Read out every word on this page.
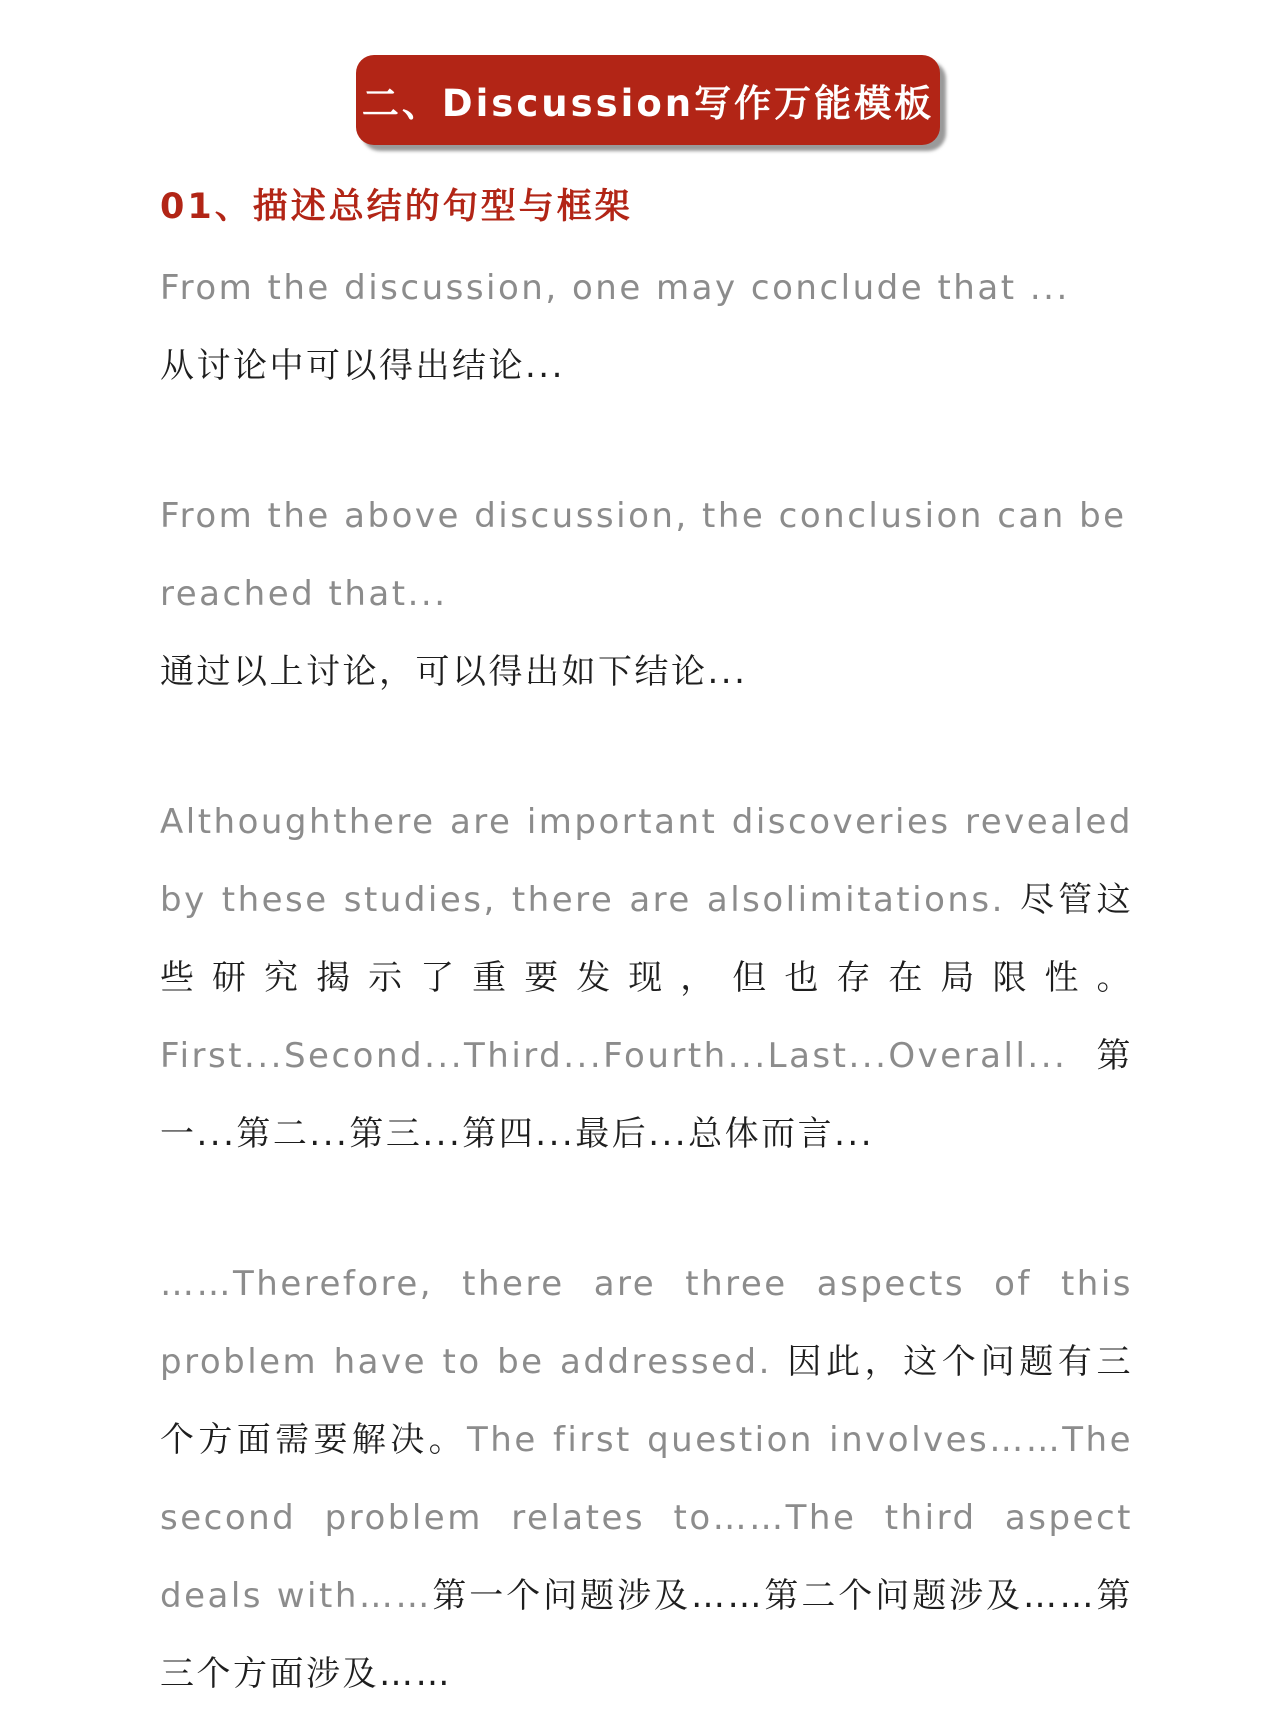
二、Discussion写作万能模板
01、描述总结的句型与框架
From the discussion, one may conclude that ...
从讨论中可以得出结论...
From the above discussion, the conclusion can be reached that...
通过以上讨论，可以得出如下结论...
Althoughthere are important discoveries revealed by these studies, there are alsolimitations. 尽管这些研究揭示了重要发现，但也存在局限性。First...Second...Third...Fourth...Last...Overall...第一...第二...第三...第四...最后...总体而言...
……Therefore, there are three aspects of this problem have to be addressed. 因此，这个问题有三个方面需要解决。The first question involves……The second problem relates to……The third aspect deals with……第一个问题涉及……第二个问题涉及……第三个方面涉及……
